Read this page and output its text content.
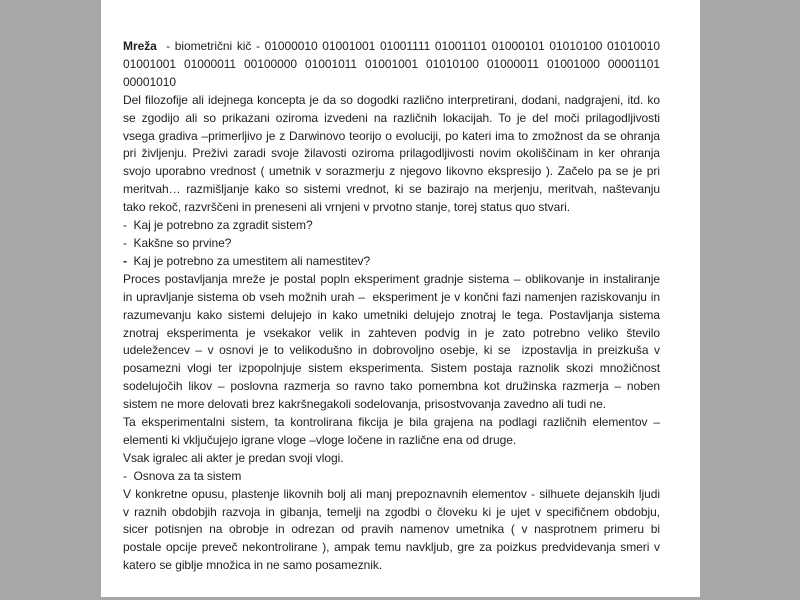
Mreža  - biometrični kič - 01000010 01001001 01001111 01001101 01000101 01010100 01010010
01001001 01000011 00100000 01001011 01001001 01010100 01000011 01001000 00001101
00001010
Del filozofije ali idejnega koncepta je da so dogodki različno interpretirani, dodani, nadgrajeni, itd. ko
se zgodijo ali so prikazani oziroma izvedeni na različnih lokacijah. To je del moči prilagodljivosti
vsega gradiva –primerljivo je z Darwinovo teorijo o evoluciji, po kateri ima to zmožnost da se ohranja
pri življenju. Preživi zaradi svoje žilavosti oziroma prilagodljivosti novim okoliščinam in ker ohranja
svojo uporabno vrednost ( umetnik v sorazmerju z njegovo likovno ekspresijo ). Začelo pa se je pri
meritvah… razmišljanje kako so sistemi vrednot, ki se bazirajo na merjenju, meritvah, naštevanju
tako rekoč, razvrščeni in preneseni ali vrnjeni v prvotno stanje, torej status quo stvari.
-  Kaj je potrebno za zgradit sistem?
-  Kakšne so prvine?
-  Kaj je potrebno za umestitem ali namestitev?
Proces postavljanja mreže je postal popln eksperiment gradnje sistema – oblikovanje in instaliranje
in upravljanje sistema ob vseh možnih urah –  eksperiment je v končni fazi namenjen raziskovanju in
razumevanju kako sistemi delujejo in kako umetniki delujejo znotraj le tega. Postavljanja sistema
znotraj eksperimenta je vsekakor velik in zahteven podvig in je zato potrebno veliko število
udeležencev – v osnovi je to velikodušno in dobrovoljno osebje, ki se  izpostavlja in preizkuša v
posamezni vlogi ter izpopolnjuje sistem eksperimenta. Sistem postaja raznolik skozi množičnost
sodelujočih likov – poslovna razmerja so ravno tako pomembna kot družinska razmerja – noben
sistem ne more delovati brez kakršnegakoli sodelovanja, prisostvovanja zavedno ali tudi ne.
Ta eksperimentalni sistem, ta kontrolirana fikcija je bila grajena na podlagi različnih elementov –
elementi ki vključujejo igrane vloge –vloge ločene in različne ena od druge.
Vsak igralec ali akter je predan svoji vlogi.
-  Osnova za ta sistem
V konkretne opusu, plastenje likovnih bolj ali manj prepoznavnih elementov - silhuete dejanskih ljudi
v raznih obdobjih razvoja in gibanja, temelji na zgodbi o človeku ki je ujet v specifičnem obdobju,
sicer potisnjen na obrobje in odrezan od pravih namenov umetnika ( v nasprotnem primeru bi
postale opcije preveč nekontrolirane ), ampak temu navkljub, gre za poizkus predvidevanja smeri v
katero se giblje množica in ne samo posameznik.
